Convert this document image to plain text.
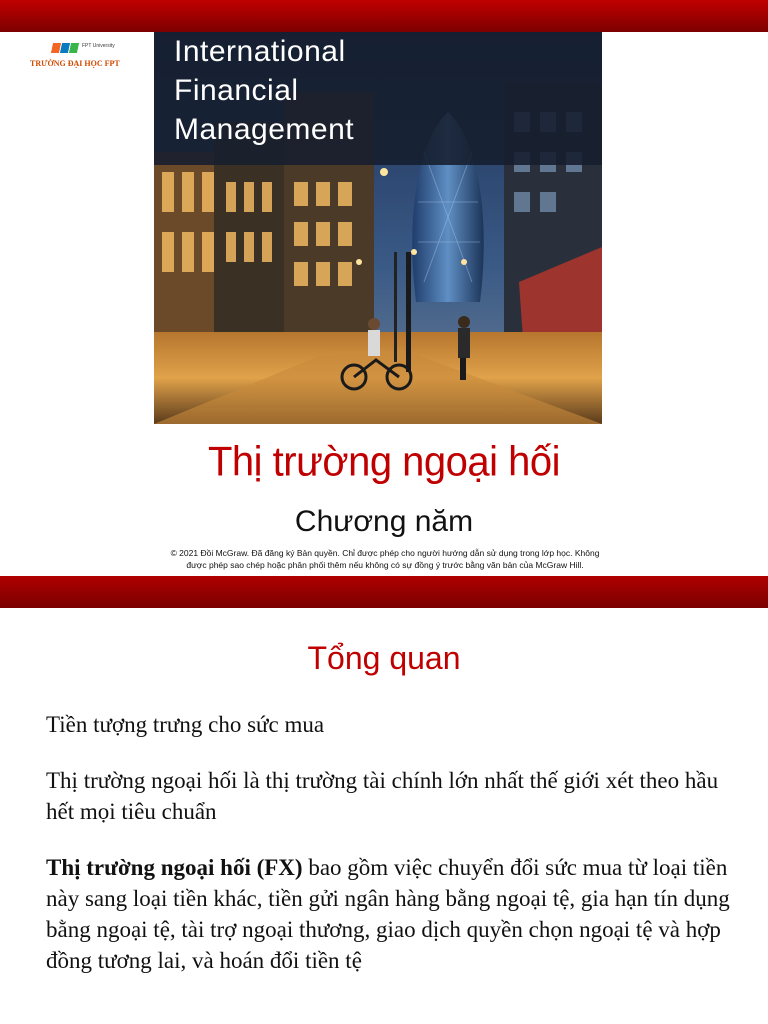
FPT University
TRƯỜNG ĐẠI HỌC FPT	International
Financial
Management
Thị trường ngoại hối
Chương năm
© 2021 Đồi McGraw. Đã đăng ký Bản quyền. Chỉ được phép cho người hướng dẫn sử dụng trong lớp học. Không được phép sao chép hoặc phân phối thêm nếu không có sự đồng ý trước bằng văn bản của McGraw Hill.
Tổng quan
Tiền tượng trưng cho sức mua
Thị trường ngoại hối là thị trường tài chính lớn nhất thế giới xét theo hầu hết mọi tiêu chuẩn
Thị trường ngoại hối (FX) bao gồm việc chuyển đổi sức mua từ loại tiền này sang loại tiền khác, tiền gửi ngân hàng bằng ngoại tệ, gia hạn tín dụng bằng ngoại tệ, tài trợ ngoại thương, giao dịch quyền chọn ngoại tệ và hợp đồng tương lai, và hoán đổi tiền tệ
